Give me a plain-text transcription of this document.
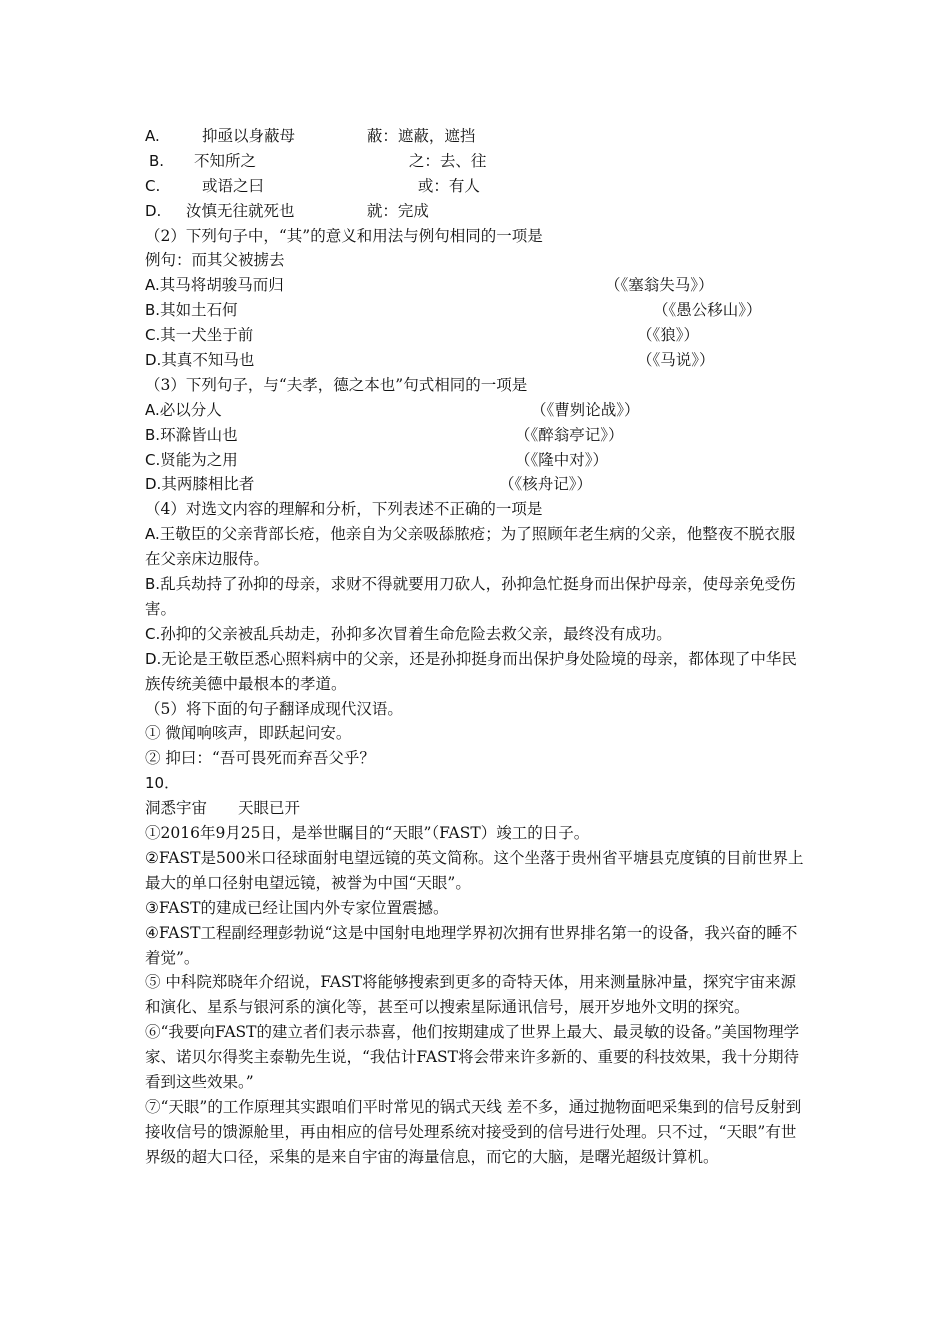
A.	抑亟以身蔽母	蔽：遮蔽，遮挡
B. 不知所之	之：去、往
C.	或语之曰	或：有人
D. 汝慎无往就死也	就：完成
（2）下列句子中，“其”的意义和用法与例句相同的一项是
例句：而其父被掳去
A.其马将胡骏马而归	（《塞翁失马》）
B.其如土石何	（《愚公移山》）
C.其一犬坐于前	（《狼》）
D.其真不知马也	（《马说》）
（3）下列句子，与“夫孝，德之本也”句式相同的一项是
A.必以分人	（《曹刿论战》）
B.环滁皆山也	（《醉翁亭记》）
C.贤能为之用	（《隆中对》）
D.其两膝相比者	（《核舟记》）
（4）对选文内容的理解和分析，下列表述不正确的一项是
A.王敬臣的父亲背部长疮，他亲自为父亲吸舔脓疮；为了照顾年老生病的父亲，他整夜不脱衣服在父亲床边服侍。
B.乱兵劫持了孙抑的母亲，求财不得就要用刀砍人，孙抑急忙挺身而出保护母亲，使母亲免受伤害。
C.孙抑的父亲被乱兵劫走，孙抑多次冒着生命危险去救父亲，最终没有成功。
D.无论是王敬臣悉心照料病中的父亲，还是孙抑挺身而出保护身处险境的母亲，都体现了中华民族传统美德中最根本的孝道。
（5）将下面的句子翻译成现代汉语。
① 微闻响咳声，即跃起问安。
② 抑曰：“吾可畏死而弃吾父乎？
10．
洞悉宇宙　　天眼已开
①2016年9月25日，是举世瞩目的“天眼”（FAST）竣工的日子。
②FAST是500米口径球面射电望远镜的英文简称。这个坐落于贵州省平塘县克度镇的目前世界上最大的单口径射电望远镜，被誉为中国“天眼”。
③FAST的建成已经让国内外专家位置震撼。
④FAST工程副经理彭勃说“这是中国射电地理学界初次拥有世界排名第一的设备，我兴奋的睡不着觉”。
⑤ 中科院郑晓年介绍说，FAST将能够搜索到更多的奇特天体，用来测量脉冲量，探究宇宙来源和演化、星系与银河系的演化等，甚至可以搜索星际通讯信号，展开岁地外文明的探究。
⑥“我要向FAST的建立者们表示恭喜，他们按期建成了世界上最大、最灵敏的设备。”美国物理学家、诺贝尔得奖主泰勒先生说，“我估计FAST将会带来许多新的、重要的科技效果，我十分期待看到这些效果。”
⑦“天眼”的工作原理其实跟咱们平时常见的锅式天线 差不多，通过抛物面吧采集到的信号反射到接收信号的馈源舱里，再由相应的信号处理系统对接受到的信号进行处理。只不过，“天眼”有世界级的超大口径，采集的是来自宇宙的海量信息，而它的大脑，是曙光超级计算机。
